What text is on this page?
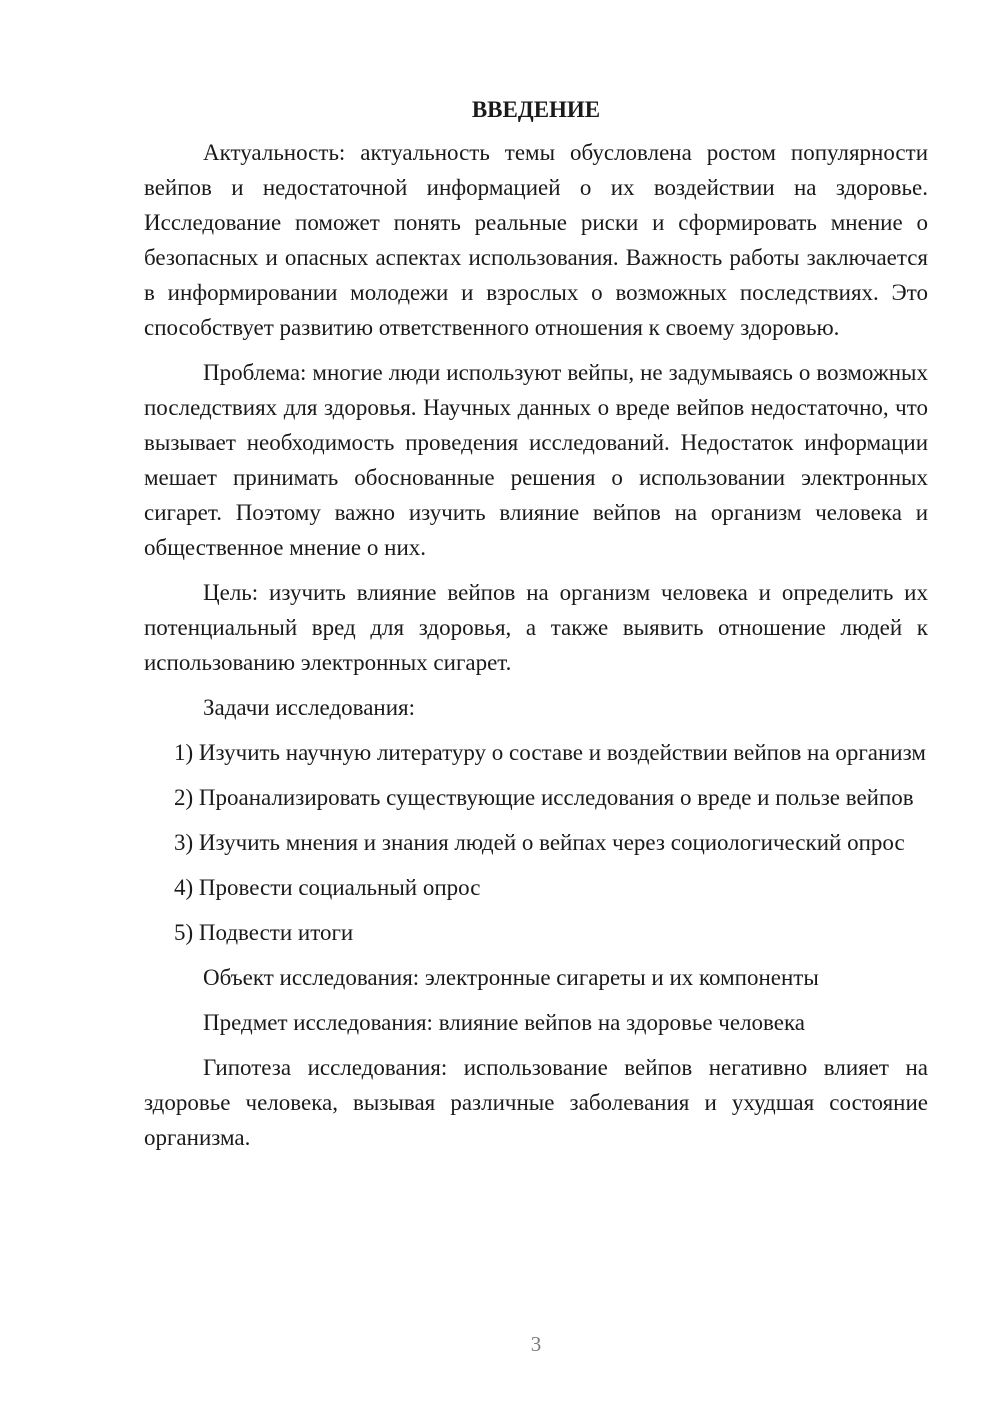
ВВЕДЕНИЕ

Актуальность: актуальность темы обусловлена ростом популярности вейпов и недостаточной информацией о их воздействии на здоровье. Исследование поможет понять реальные риски и сформировать мнение о безопасных и опасных аспектах использования. Важность работы заключается в информировании молодежи и взрослых о возможных последствиях. Это способствует развитию ответственного отношения к своему здоровью.

Проблема: многие люди используют вейпы, не задумываясь о возможных последствиях для здоровья. Научных данных о вреде вейпов недостаточно, что вызывает необходимость проведения исследований. Недостаток информации мешает принимать обоснованные решения о использовании электронных сигарет. Поэтому важно изучить влияние вейпов на организм человека и общественное мнение о них.

Цель: изучить влияние вейпов на организм человека и определить их потенциальный вред для здоровья, а также выявить отношение людей к использованию электронных сигарет.

Задачи исследования:

1) Изучить научную литературу о составе и воздействии вейпов на организм

2) Проанализировать существующие исследования о вреде и пользе вейпов

3) Изучить мнения и знания людей о вейпах через социологический опрос

4) Провести социальный опрос

5) Подвести итоги

Объект исследования: электронные сигареты и их компоненты

Предмет исследования: влияние вейпов на здоровье человека

Гипотеза исследования: использование вейпов негативно влияет на здоровье человека, вызывая различные заболевания и ухудшая состояние организма.

3
